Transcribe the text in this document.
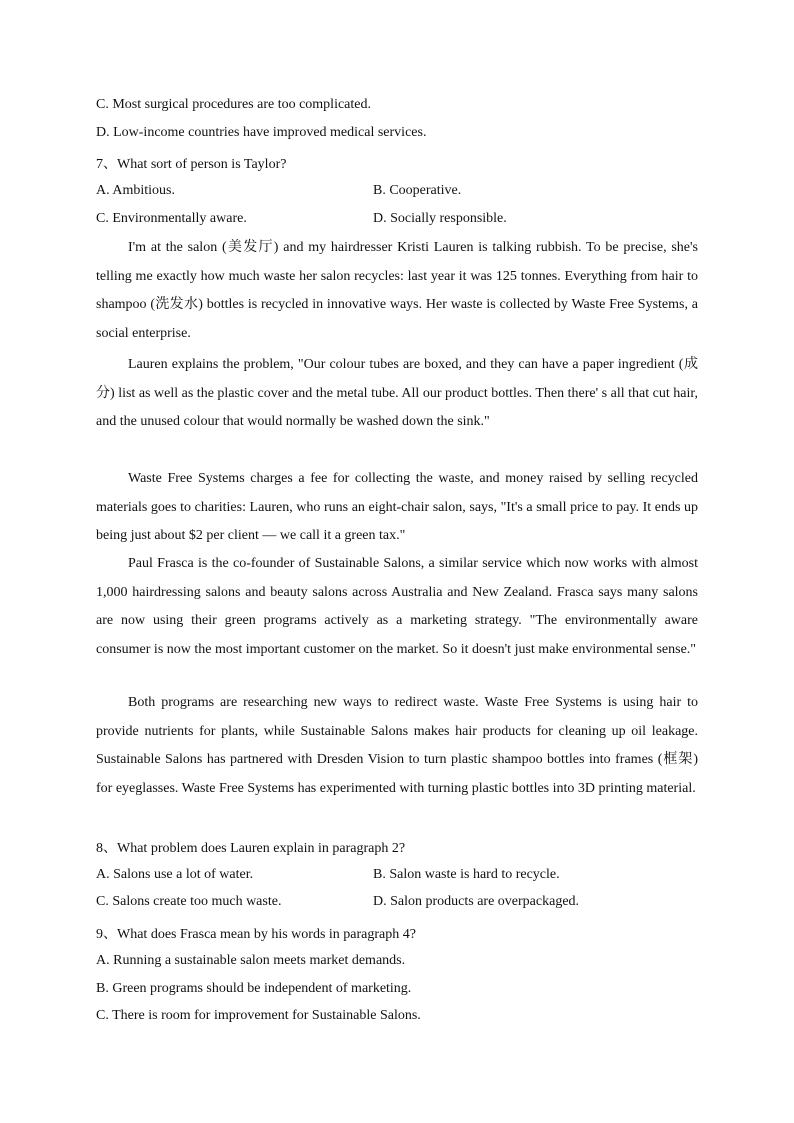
C. Most surgical procedures are too complicated.
D. Low-income countries have improved medical services.
7、What sort of person is Taylor?
A. Ambitious.	B. Cooperative.
C. Environmentally aware.	D. Socially responsible.

I'm at the salon (美发厅) and my hairdresser Kristi Lauren is talking rubbish. To be precise, she's telling me exactly how much waste her salon recycles: last year it was 125 tonnes. Everything from hair to shampoo (洗发水) bottles is recycled in innovative ways. Her waste is collected by Waste Free Systems, a social enterprise.

Lauren explains the problem, "Our colour tubes are boxed, and they can have a paper ingredient (成分) list as well as the plastic cover and the metal tube. All our product bottles. Then there' s all that cut hair, and the unused colour that would normally be washed down the sink."

Waste Free Systems charges a fee for collecting the waste, and money raised by selling recycled materials goes to charities: Lauren, who runs an eight-chair salon, says, "It's a small price to pay. It ends up being just about $2 per client — we call it a green tax."

Paul Frasca is the co-founder of Sustainable Salons, a similar service which now works with almost 1,000 hairdressing salons and beauty salons across Australia and New Zealand. Frasca says many salons are now using their green programs actively as a marketing strategy. "The environmentally aware consumer is now the most important customer on the market. So it doesn't just make environmental sense."

Both programs are researching new ways to redirect waste. Waste Free Systems is using hair to provide nutrients for plants, while Sustainable Salons makes hair products for cleaning up oil leakage. Sustainable Salons has partnered with Dresden Vision to turn plastic shampoo bottles into frames (框架) for eyeglasses. Waste Free Systems has experimented with turning plastic bottles into 3D printing material.

8、What problem does Lauren explain in paragraph 2?
A. Salons use a lot of water.	B. Salon waste is hard to recycle.
C. Salons create too much waste.	D. Salon products are overpackaged.
9、What does Frasca mean by his words in paragraph 4?
A. Running a sustainable salon meets market demands.
B. Green programs should be independent of marketing.
C. There is room for improvement for Sustainable Salons.
